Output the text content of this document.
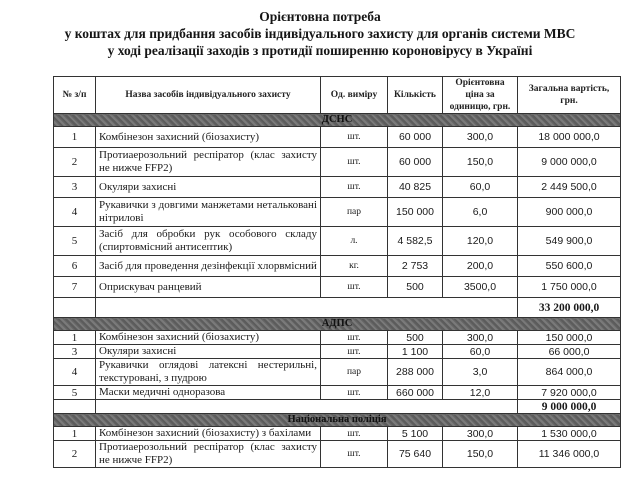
Орієнтовна потреба
у коштах для придбання засобів індивідуального захисту для органів системи МВС
у ході реалізації заходів з протидії поширенню короновірусу в Україні
№ з/п	Назва засобів індивідуального захисту	Од. виміру	Кількість	Орієнтовна ціна за одиницю, грн.	Загальна вартість, грн.
ДСНС					
1	Комбінезон захисний (біозахисту)	шт.	60 000	300,0	18 000 000,0
2	Протиаерозольний респіратор (клас захисту не нижче FFP2)	шт.	60 000	150,0	9 000 000,0
3	Окуляри захисні	шт.	40 825	60,0	2 449 500,0
4	Рукавички з довгими манжетами нетальковані нітрилові	пар	150 000	6,0	900 000,0
5	Засіб для обробки рук особового складу (спиртовмісний антисептик)	л.	4 582,5	120,0	549 900,0
6	Засіб для проведення дезінфекції хлорвмісний	кг.	2 753	200,0	550 600,0
7	Оприскувач ранцевий	шт.	500	3500,0	1 750 000,0
					33 200 000,0
АДПС					
1	Комбінезон захисний (біозахисту)	шт.	500	300,0	150 000,0
3	Окуляри захисні	шт.	1 100	60,0	66 000,0
4	Рукавички оглядові латексні нестерильні, текстуровані, з пудрою	пар	288 000	3,0	864 000,0
5	Маски медичні одноразова	шт.	660 000	12,0	7 920 000,0
					9 000 000,0
Національна поліція					
1	Комбінезон захисний (біозахисту) з бахілами	шт.	5 100	300,0	1 530 000,0
2	Протиаерозольний респіратор (клас захисту не нижче FFP2)	шт.	75 640	150,0	11 346 000,0
